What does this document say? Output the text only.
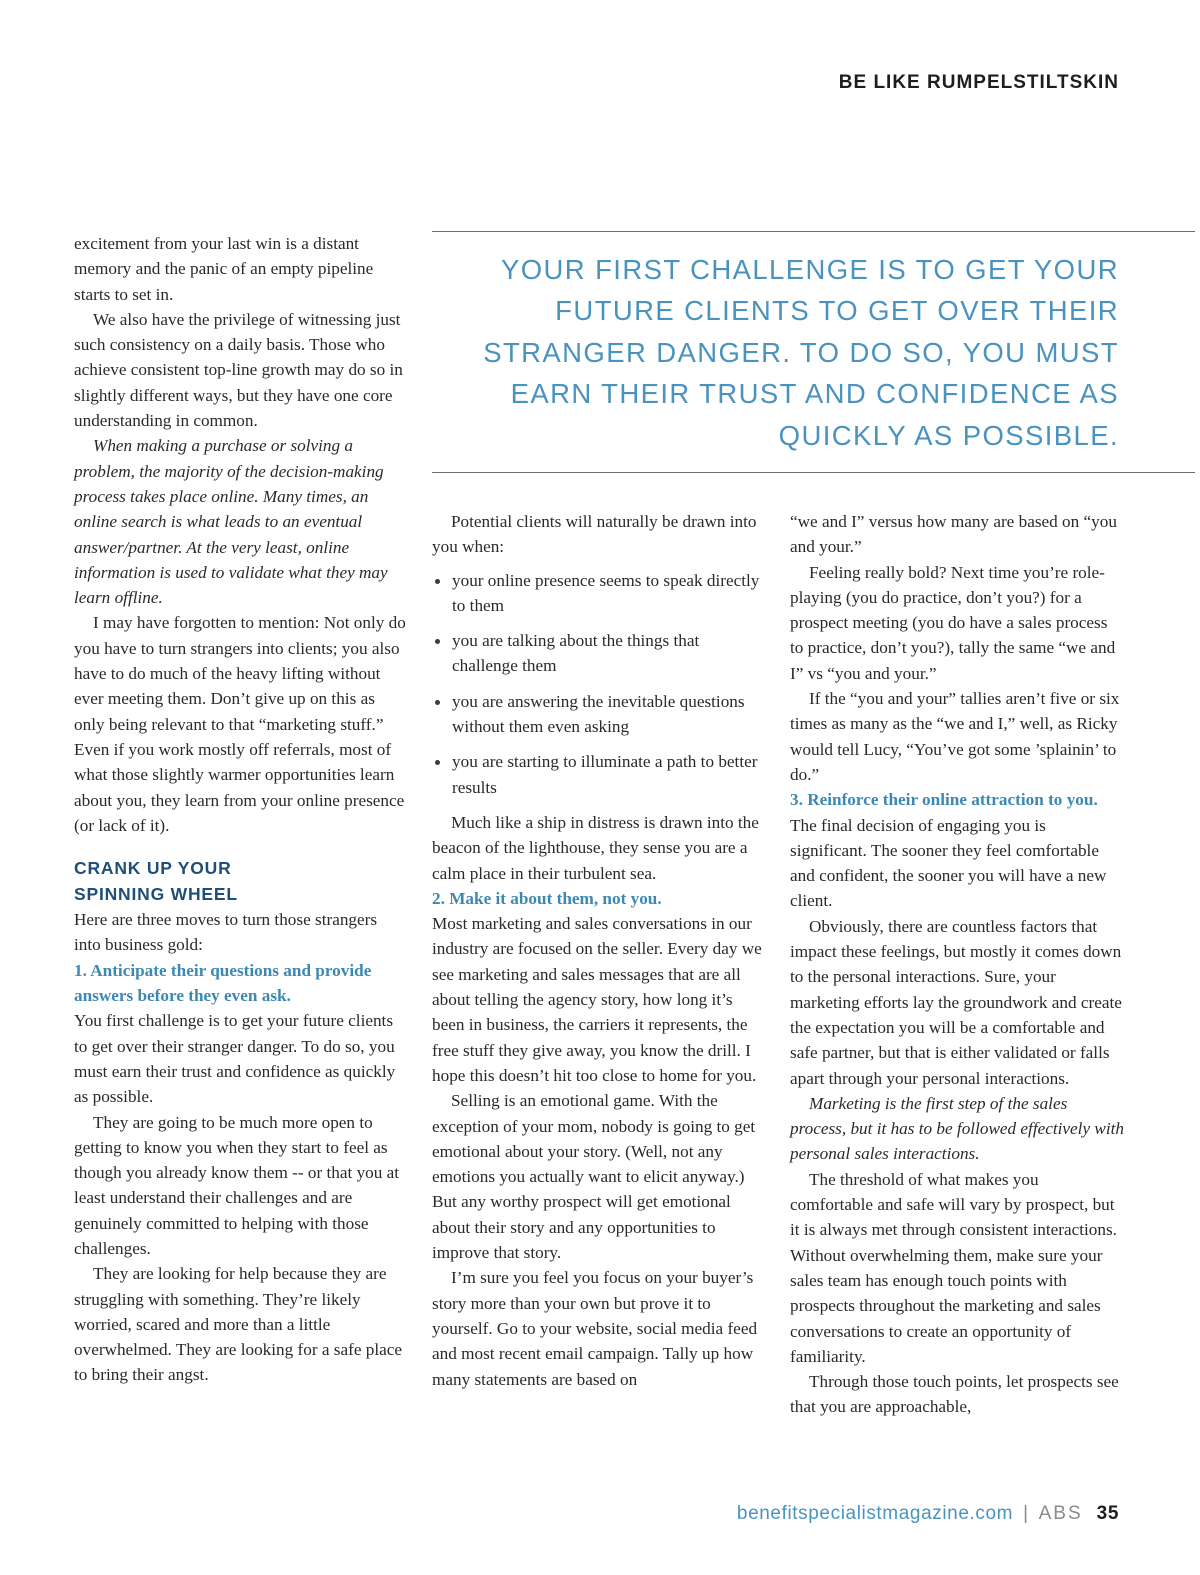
BE LIKE RUMPELSTILTSKIN
YOUR FIRST CHALLENGE IS TO GET YOUR FUTURE CLIENTS TO GET OVER THEIR STRANGER DANGER. TO DO SO, YOU MUST EARN THEIR TRUST AND CONFIDENCE AS QUICKLY AS POSSIBLE.

excitement from your last win is a distant memory and the panic of an empty pipeline starts to set in.

We also have the privilege of witnessing just such consistency on a daily basis. Those who achieve consistent top-line growth may do so in slightly different ways, but they have one core understanding in common.

When making a purchase or solving a problem, the majority of the decision-making process takes place online. Many times, an online search is what leads to an eventual answer/partner. At the very least, online information is used to validate what they may learn offline.

I may have forgotten to mention: Not only do you have to turn strangers into clients; you also have to do much of the heavy lifting without ever meeting them. Don’t give up on this as only being relevant to that “marketing stuff.” Even if you work mostly off referrals, most of what those slightly warmer opportunities learn about you, they learn from your online presence (or lack of it).

CRANK UP YOUR
SPINNING WHEEL

Here are three moves to turn those strangers into business gold:

1. Anticipate their questions and provide answers before they even ask.

You first challenge is to get your future clients to get over their stranger danger. To do so, you must earn their trust and confidence as quickly as possible.

They are going to be much more open to getting to know you when they start to feel as though you already know them -- or that you at least understand their challenges and are genuinely committed to helping with those challenges.

They are looking for help because they are struggling with something. They’re likely worried, scared and more than a little overwhelmed. They are looking for a safe place to bring their angst.

Potential clients will naturally be drawn into you when:

your online presence seems to speak directly to them
you are talking about the things that challenge them
you are answering the inevitable questions without them even asking
you are starting to illuminate a path to better results

Much like a ship in distress is drawn into the beacon of the lighthouse, they sense you are a calm place in their turbulent sea.

2. Make it about them, not you.

Most marketing and sales conversations in our industry are focused on the seller. Every day we see marketing and sales messages that are all about telling the agency story, how long it’s been in business, the carriers it represents, the free stuff they give away, you know the drill. I hope this doesn’t hit too close to home for you.

Selling is an emotional game. With the exception of your mom, nobody is going to get emotional about your story. (Well, not any emotions you actually want to elicit anyway.) But any worthy prospect will get emotional about their story and any opportunities to improve that story.

I’m sure you feel you focus on your buyer’s story more than your own but prove it to yourself. Go to your website, social media feed and most recent email campaign. Tally up how many statements are based on

“we and I” versus how many are based on “you and your.”

Feeling really bold? Next time you’re role-playing (you do practice, don’t you?) for a prospect meeting (you do have a sales process to practice, don’t you?), tally the same “we and I” vs “you and your.”

If the “you and your” tallies aren’t five or six times as many as the “we and I,” well, as Ricky would tell Lucy, “You’ve got some ’splainin’ to do.”

3. Reinforce their online attraction to you.

The final decision of engaging you is significant. The sooner they feel comfortable and confident, the sooner you will have a new client.

Obviously, there are countless factors that impact these feelings, but mostly it comes down to the personal interactions. Sure, your marketing efforts lay the groundwork and create the expectation you will be a comfortable and safe partner, but that is either validated or falls apart through your personal interactions.

Marketing is the first step of the sales process, but it has to be followed effectively with personal sales interactions.

The threshold of what makes you comfortable and safe will vary by prospect, but it is always met through consistent interactions. Without overwhelming them, make sure your sales team has enough touch points with prospects throughout the marketing and sales conversations to create an opportunity of familiarity.

Through those touch points, let prospects see that you are approachable,

benefitspecialistmagazine.com | ABS 35
